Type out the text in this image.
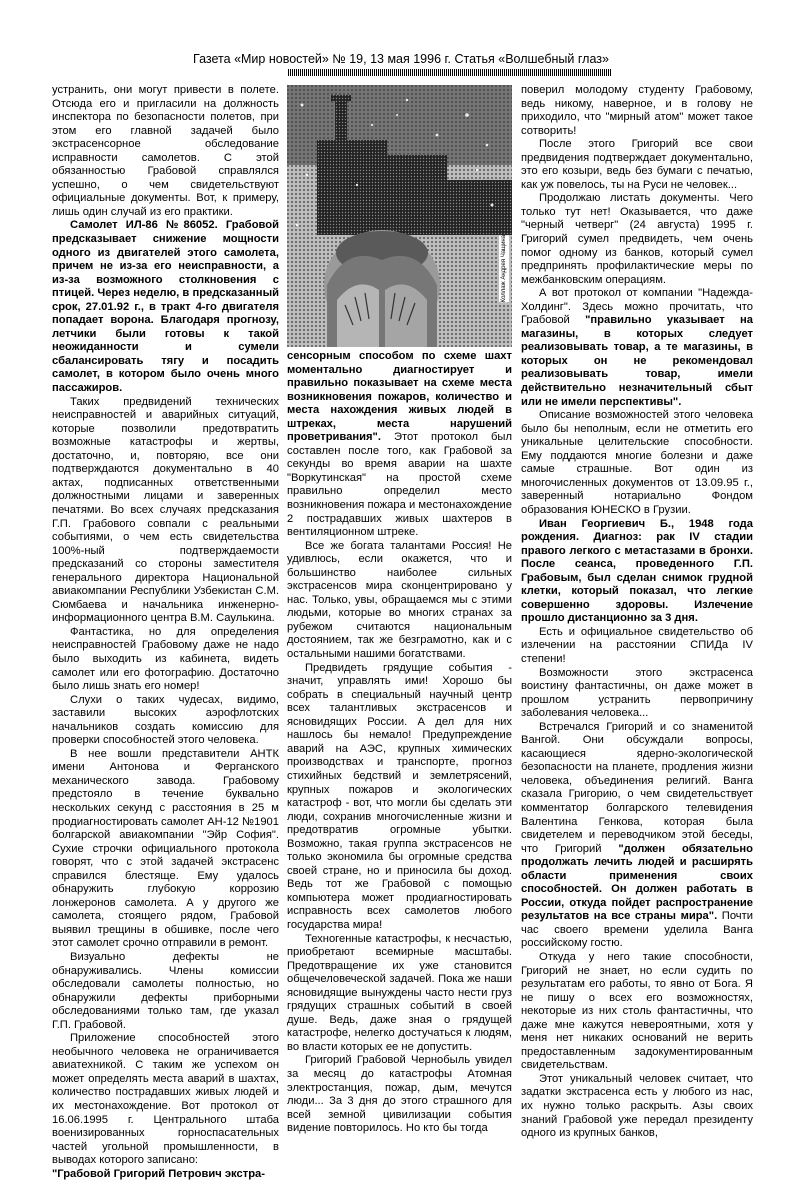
Газета «Мир новостей» № 19, 13 мая 1996 г. Статья «Волшебный глаз»
Коллаж Андрея Чащина

устранить, они могут привести в полете. Отсюда его и пригласили на должность инспектора по безопасности полетов, при этом его главной задачей было экстрасенсорное обследование исправности самолетов. С этой обязанностью Грабовой справлялся успешно, о чем свидетельствуют официальные документы. Вот, к примеру, лишь один случай из его практики.

Самолет ИЛ-86 №86052. Грабовой предсказывает снижение мощности одного из двигателей этого самолета, причем не из-за его неисправности, а из-за возможного столкновения с птицей. Через неделю, в предсказанный срок, 27.01.92 г., в тракт 4-го двигателя попадает ворона. Благодаря прогнозу, летчики были готовы к такой неожиданности и сумели сбалансировать тягу и посадить самолет, в котором было очень много пассажиров.

Таких предвидений технических неисправностей и аварийных ситуаций, которые позволили предотвратить возможные катастрофы и жертвы, достаточно, и, повторяю, все они подтверждаются документально в 40 актах, подписанных ответственными должностными лицами и заверенных печатями. Во всех случаях предсказания Г.П. Грабового совпали с реальными событиями, о чем есть свидетельства 100%-ный подтверждаемости предсказаний со стороны заместителя генерального директора Национальной авиакомпании Республики Узбекистан С.М. Сюмбаева и начальника инженерно-информационного центра В.М. Саулькина.

Фантастика, но для определения неисправностей Грабовому даже не надо было выходить из кабинета, видеть самолет или его фотографию. Достаточно было лишь знать его номер!

Слухи о таких чудесах, видимо, заставили высоких аэрофлотских начальников создать комиссию для проверки способностей этого человека.

В нее вошли представители АНТК имени Антонова и Ферганского механического завода. Грабовому предстояло в течение буквально нескольких секунд с расстояния в 25 м продиагностировать самолет АН-12 №1901 болгарской авиакомпании "Эйр София". Сухие строчки официального протокола говорят, что с этой задачей экстрасенс справился блестяще. Ему удалось обнаружить глубокую коррозию лонжеронов самолета. А у другого же самолета, стоящего рядом, Грабовой выявил трещины в обшивке, после чего этот самолет срочно отправили в ремонт.

Визуально дефекты не обнаруживались. Члены комиссии обследовали самолеты полностью, но обнаружили дефекты приборными обследованиями только там, где указал Г.П. Грабовой.

Приложение способностей этого необычного человека не ограничивается авиатехникой. С таким же успехом он может определять места аварий в шахтах, количество пострадавших живых людей и их местонахождение. Вот протокол от 16.06.1995 г. Центрального штаба военизированных горноспасательных частей угольной промышленности, в выводах которого записано:

"Грабовой Григорий Петрович экстра-

сенсорным способом по схеме шахт моментально диагностирует и правильно показывает на схеме места возникновения пожаров, количество и места нахождения живых людей в штреках, места нарушений проветривания". Этот протокол был составлен после того, как Грабовой за секунды во время аварии на шахте "Воркутинская" на простой схеме правильно определил место возникновения пожара и местонахождение 2 пострадавших живых шахтеров в вентиляционном штреке.

Все же богата талантами Россия! Не удивлюсь, если окажется, что и большинство наиболее сильных экстрасенсов мира сконцентрировано у нас. Только, увы, обращаемся мы с этими людьми, которые во многих странах за рубежом считаются национальным достоянием, так же безграмотно, как и с остальными нашими богатствами.

Предвидеть грядущие события - значит, управлять ими! Хорошо бы собрать в специальный научный центр всех талантливых экстрасенсов и ясновидящих России. А дел для них нашлось бы немало! Предупреждение аварий на АЭС, крупных химических производствах и транспорте, прогноз стихийных бедствий и землетрясений, крупных пожаров и экологических катастроф - вот, что могли бы сделать эти люди, сохранив многочисленные жизни и предотвратив огромные убытки. Возможно, такая группа экстрасенсов не только экономила бы огромные средства своей стране, но и приносила бы доход. Ведь тот же Грабовой с помощью компьютера может продиагностировать исправность всех самолетов любого государства мира!

Техногенные катастрофы, к несчастью, приобретают всемирные масштабы. Предотвращение их уже становится общечеловеческой задачей. Пока же наши ясновидящие вынуждены часто нести груз грядущих страшных событий в своей душе. Ведь, даже зная о грядущей катастрофе, нелегко достучаться к людям, во власти которых ее не допустить.

Григорий Грабовой Чернобыль увидел за месяц до катастрофы Атомная электростанция, пожар, дым, мечутся люди... За 3 дня до этого страшного для всей земной цивилизации события видение повторилось. Но кто бы тогда

поверил молодому студенту Грабовому, ведь никому, наверное, и в голову не приходило, что "мирный атом" может такое сотворить!

После этого Григорий все свои предвидения подтверждает документально, это его козыри, ведь без бумаги с печатью, как уж повелось, ты на Руси не человек...

Продолжаю листать документы. Чего только тут нет! Оказывается, что даже "черный четверг" (24 августа) 1995 г. Григорий сумел предвидеть, чем очень помог одному из банков, который сумел предпринять профилактические меры по межбанковским операциям.

А вот протокол от компании "Надежда-Холдинг". Здесь можно прочитать, что Грабовой "правильно указывает на магазины, в которых следует реализовывать товар, а те магазины, в которых он не рекомендовал реализовывать товар, имели действительно незначительный сбыт или не имели перспективы".

Описание возможностей этого человека было бы неполным, если не отметить его уникальные целительские способности. Ему поддаются многие болезни и даже самые страшные. Вот один из многочисленных документов от 13.09.95 г., заверенный нотариально Фондом образования ЮНЕСКО в Грузии.

Иван Георгиевич Б., 1948 года рождения. Диагноз: рак IV стадии правого легкого с метастазами в бронхи. После сеанса, проведенного Г.П. Грабовым, был сделан снимок грудной клетки, который показал, что легкие совершенно здоровы. Излечение прошло дистанционно за 3 дня.

Есть и официальное свидетельство об излечении на расстоянии СПИДа IV степени!

Возможности этого экстрасенса воистину фантастичны, он даже может в прошлом устранить первопричину заболевания человека...

Встречался Григорий и со знаменитой Вангой. Они обсуждали вопросы, касающиеся ядерно-экологической безопасности на планете, продления жизни человека, объединения религий. Ванга сказала Григорию, о чем свидетельствует комментатор болгарского телевидения Валентина Генкова, которая была свидетелем и переводчиком этой беседы, что Григорий "должен обязательно продолжать лечить людей и расширять области применения своих способностей. Он должен работать в России, откуда пойдет распространение результатов на все страны мира". Почти час своего времени уделила Ванга российскому гостю.

Откуда у него такие способности, Григорий не знает, но если судить по результатам его работы, то явно от Бога. Я не пишу о всех его возможностях, некоторые из них столь фантастичны, что даже мне кажутся невероятными, хотя у меня нет никаких оснований не верить предоставленным задокументированным свидетельствам.

Этот уникальный человек считает, что задатки экстрасенса есть у любого из нас, их нужно только раскрыть. Азы своих знаний Грабовой уже передал президенту одного из крупных банков,
